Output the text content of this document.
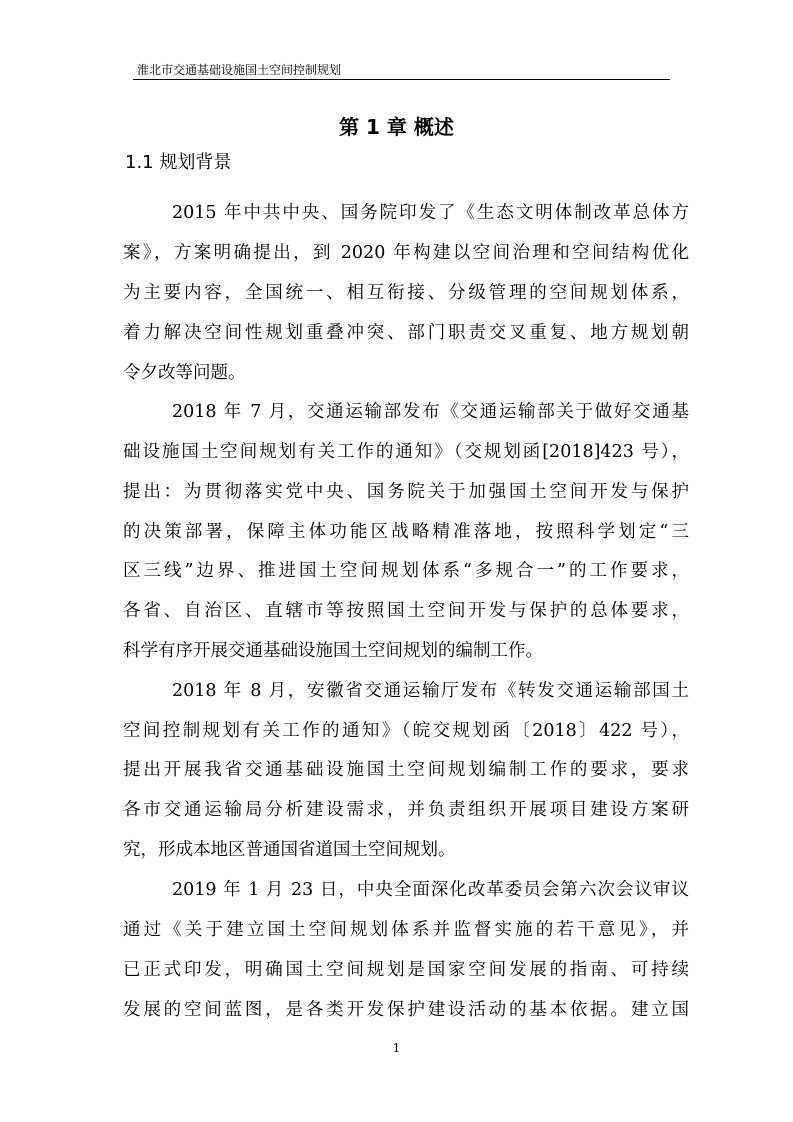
淮北市交通基础设施国土空间控制规划
第 1 章 概述
1.1 规划背景
2015 年中共中央、国务院印发了《生态文明体制改革总体方
案》，方案明确提出，到 2020 年构建以空间治理和空间结构优化
为主要内容，全国统一、相互衔接、分级管理的空间规划体系，
着力解决空间性规划重叠冲突、部门职责交叉重复、地方规划朝
令夕改等问题。
2018 年 7 月，交通运输部发布《交通运输部关于做好交通基
础设施国土空间规划有关工作的通知》（交规划函[2018]423 号），
提出：为贯彻落实党中央、国务院关于加强国土空间开发与保护
的决策部署，保障主体功能区战略精准落地，按照科学划定“三
区三线”边界、推进国土空间规划体系“多规合一”的工作要求，
各省、自治区、直辖市等按照国土空间开发与保护的总体要求，
科学有序开展交通基础设施国土空间规划的编制工作。
2018 年 8 月，安徽省交通运输厅发布《转发交通运输部国土
空间控制规划有关工作的通知》（皖交规划函〔2018〕422 号），
提出开展我省交通基础设施国土空间规划编制工作的要求，要求
各市交通运输局分析建设需求，并负责组织开展项目建设方案研
究，形成本地区普通国省道国土空间规划。
2019 年 1 月 23 日，中央全面深化改革委员会第六次会议审议
通过《关于建立国土空间规划体系并监督实施的若干意见》，并
已正式印发，明确国土空间规划是国家空间发展的指南、可持续
发展的空间蓝图，是各类开发保护建设活动的基本依据。建立国
1
